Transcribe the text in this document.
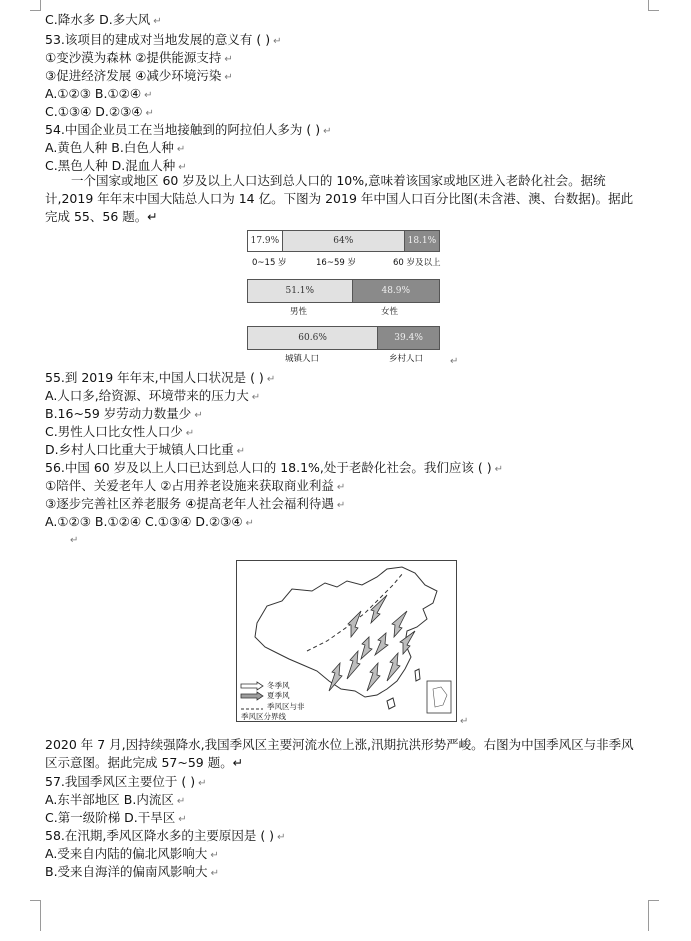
C.降水多 D.多大风 ↵
53.该项目的建成对当地发展的意义有 ( ) ↵
①变沙漠为森林 ②提供能源支持 ↵
③促进经济发展 ④减少环境污染 ↵
A.①②③ B.①②④ ↵
C.①③④ D.②③④ ↵
54.中国企业员工在当地接触到的阿拉伯人多为 ( ) ↵
A.黄色人种 B.白色人种 ↵
C.黑色人种 D.混血人种 ↵
一个国家或地区 60 岁及以上人口达到总人口的 10%,意味着该国家或地区进入老龄化社会。据统计,2019 年年末中国大陆总人口为 14 亿。下图为 2019 年中国人口百分比图(未含港、澳、台数据)。据此完成 55、56 题。↵
17.9%	64%	18.1%
0~15 岁	16~59 岁	60 岁及以上
51.1%	48.9%
男性	女性
60.6%	39.4%
城镇人口	乡村人口	↵
55.到 2019 年年末,中国人口状况是 ( ) ↵
A.人口多,给资源、环境带来的压力大 ↵
B.16~59 岁劳动力数量少 ↵
C.男性人口比女性人口少 ↵
D.乡村人口比重大于城镇人口比重 ↵
56.中国 60 岁及以上人口已达到总人口的 18.1%,处于老龄化社会。我们应该 ( ) ↵
①陪伴、关爱老年人 ②占用养老设施来获取商业利益 ↵
③逐步完善社区养老服务 ④提高老年人社会福利待遇 ↵
A.①②③ B.①②④ C.①③④ D.②③④ ↵
↵
冬季风
夏季风
季风区与非
季风区分界线	↵
2020 年 7 月,因持续强降水,我国季风区主要河流水位上涨,汛期抗洪形势严峻。右图为中国季风区与非季风区示意图。据此完成 57~59 题。↵
57.我国季风区主要位于 ( ) ↵
A.东半部地区 B.内流区 ↵
C.第一级阶梯 D.干旱区 ↵
58.在汛期,季风区降水多的主要原因是 ( ) ↵
A.受来自内陆的偏北风影响大 ↵
B.受来自海洋的偏南风影响大 ↵
